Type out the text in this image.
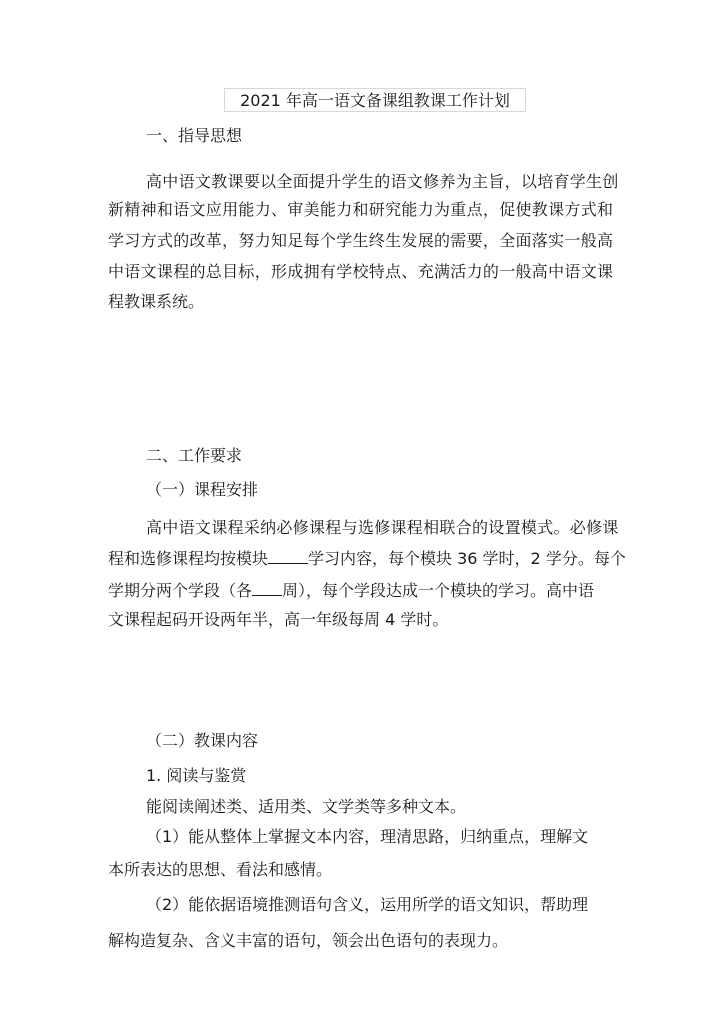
2021 年高一语文备课组教课工作计划
一、指导思想
高中语文教课要以全面提升学生的语文修养为主旨，以培育学生创
新精神和语文应用能力、审美能力和研究能力为重点，促使教课方式和
学习方式的改革，努力知足每个学生终生发展的需要，全面落实一般高
中语文课程的总目标，形成拥有学校特点、充满活力的一般高中语文课
程教课系统。
二、工作要求
（一）课程安排
高中语文课程采纳必修课程与选修课程相联合的设置模式。必修课
程和选修课程均按模块	学习内容，每个模块 36 学时，2 学分。每个
学期分两个学段（各 周），每个学段达成一个模块的学习。高中语
文课程起码开设两年半，高一年级每周 4 学时。
（二）教课内容
1. 阅读与鉴赏
能阅读阐述类、适用类、文学类等多种文本。
（1）能从整体上掌握文本内容，理清思路，归纳重点，理解文
本所表达的思想、看法和感情。
（2）能依据语境推测语句含义，运用所学的语文知识，帮助理
解构造复杂、含义丰富的语句，领会出色语句的表现力。
